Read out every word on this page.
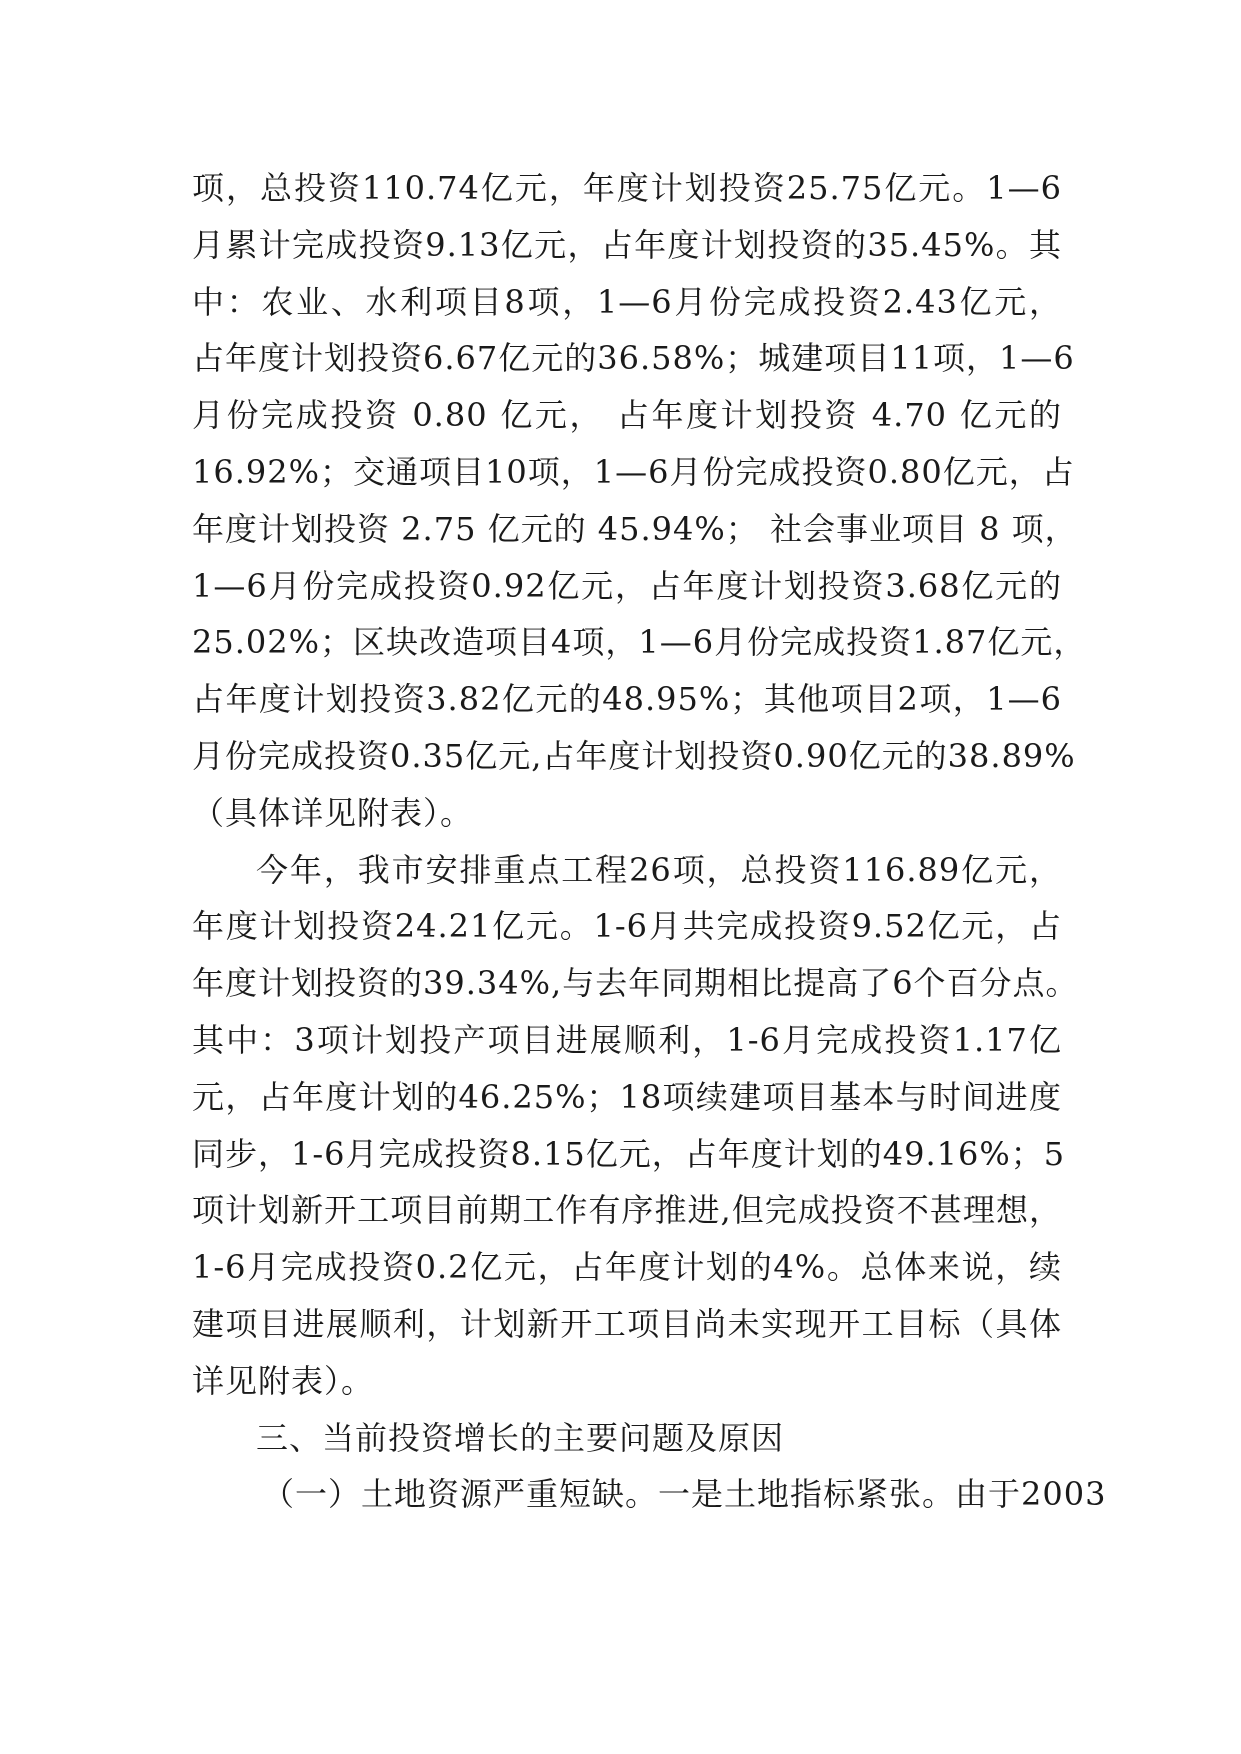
项，总投资110.74亿元，年度计划投资25.75亿元。1—6
月累计完成投资9.13亿元，占年度计划投资的35.45%。其
中：农业、水利项目8项，1—6月份完成投资2.43亿元，
占年度计划投资6.67亿元的36.58%；城建项目11项，1—6
月份完成投资 0.80 亿元， 占年度计划投资 4.70 亿元的
16.92%；交通项目10项，1—6月份完成投资0.80亿元，占
年度计划投资 2.75 亿元的 45.94%； 社会事业项目 8 项，
1—6月份完成投资0.92亿元，占年度计划投资3.68亿元的
25.02%；区块改造项目4项，1—6月份完成投资1.87亿元，
占年度计划投资3.82亿元的48.95%；其他项目2项，1—6
月份完成投资0.35亿元,占年度计划投资0.90亿元的38.89%
（具体详见附表）。
今年，我市安排重点工程26项，总投资116.89亿元，
年度计划投资24.21亿元。1-6月共完成投资9.52亿元，占
年度计划投资的39.34%,与去年同期相比提高了6个百分点。
其中：3项计划投产项目进展顺利，1-6月完成投资1.17亿
元，占年度计划的46.25%；18项续建项目基本与时间进度
同步，1-6月完成投资8.15亿元，占年度计划的49.16%；5
项计划新开工项目前期工作有序推进,但完成投资不甚理想，
1-6月完成投资0.2亿元，占年度计划的4%。总体来说，续
建项目进展顺利，计划新开工项目尚未实现开工目标（具体
详见附表）。
三、当前投资增长的主要问题及原因
（一）土地资源严重短缺。一是土地指标紧张。由于2003
